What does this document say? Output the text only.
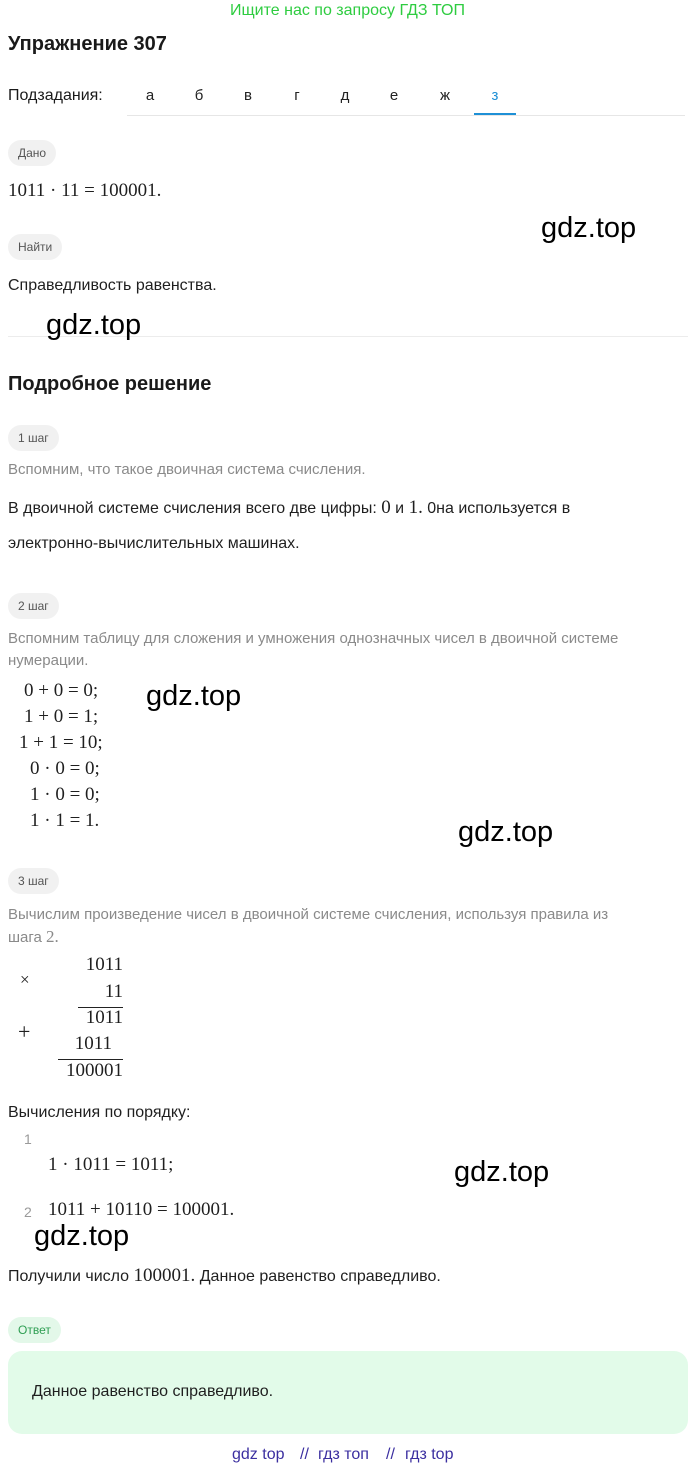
Ищите нас по запросу ГДЗ ТОП
Упражнение 307
Подзадания:	а	б	в	г	д	е	ж	з
Дано
1011 · 11 = 100001.
Найти
Справедливость равенства.
Подробное решение
1 шаг
Вспомним, что такое двоичная система счисления.
В двоичной системе счисления всего две цифры: 0 и 1. 0на используется в
электронно-вычислительных машинах.
2 шаг
Вспомним таблицу для сложения и умножения однозначных чисел в двоичной системе
нумерации.
0 + 0 = 0;
1 + 0 = 1;
1 + 1 = 10;
0 · 0 = 0;
1 · 0 = 0;
1 · 1 = 1.
3 шаг
Вычислим произведение чисел в двоичной системе счисления, используя правила из
шага 2.
×
+
1011
11
1011
1011
100001
Вычисления по порядку:
1
1 · 1011 = 1011;
2 1011 + 10110 = 100001.
Получили число 100001. Данное равенство справедливо.
Ответ
Данное равенство справедливо.
gdz.top
gdz.top
gdz.top
gdz.top
gdz.top
gdz.top
gdz top // гдз топ // гдз top
